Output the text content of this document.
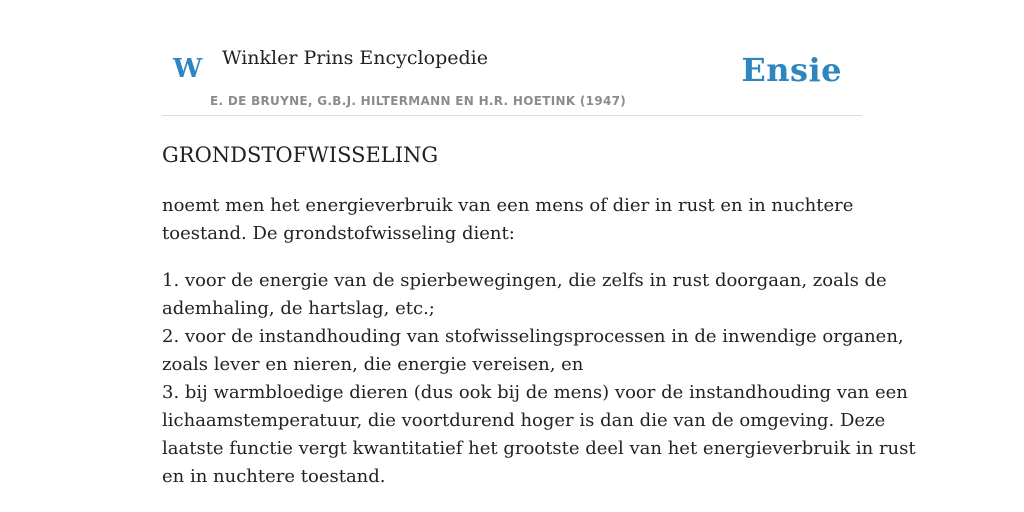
W Winkler Prins Encyclopedie	Ensie
E. DE BRUYNE, G.B.J. HILTERMANN EN H.R. HOETINK (1947)
GRONDSTOFWISSELING
noemt men het energieverbruik van een mens of dier in rust en in nuchtere
toestand. De grondstofwisseling dient:
1. voor de energie van de spierbewegingen, die zelfs in rust doorgaan, zoals de
ademhaling, de hartslag, etc.;
2. voor de instandhouding van stofwisselingsprocessen in de inwendige organen,
zoals lever en nieren, die energie vereisen, en
3. bij warmbloedige dieren (dus ook bij de mens) voor de instandhouding van een
lichaamstemperatuur, die voortdurend hoger is dan die van de omgeving. Deze
laatste functie vergt kwantitatief het grootste deel van het energieverbruik in rust
en in nuchtere toestand.
